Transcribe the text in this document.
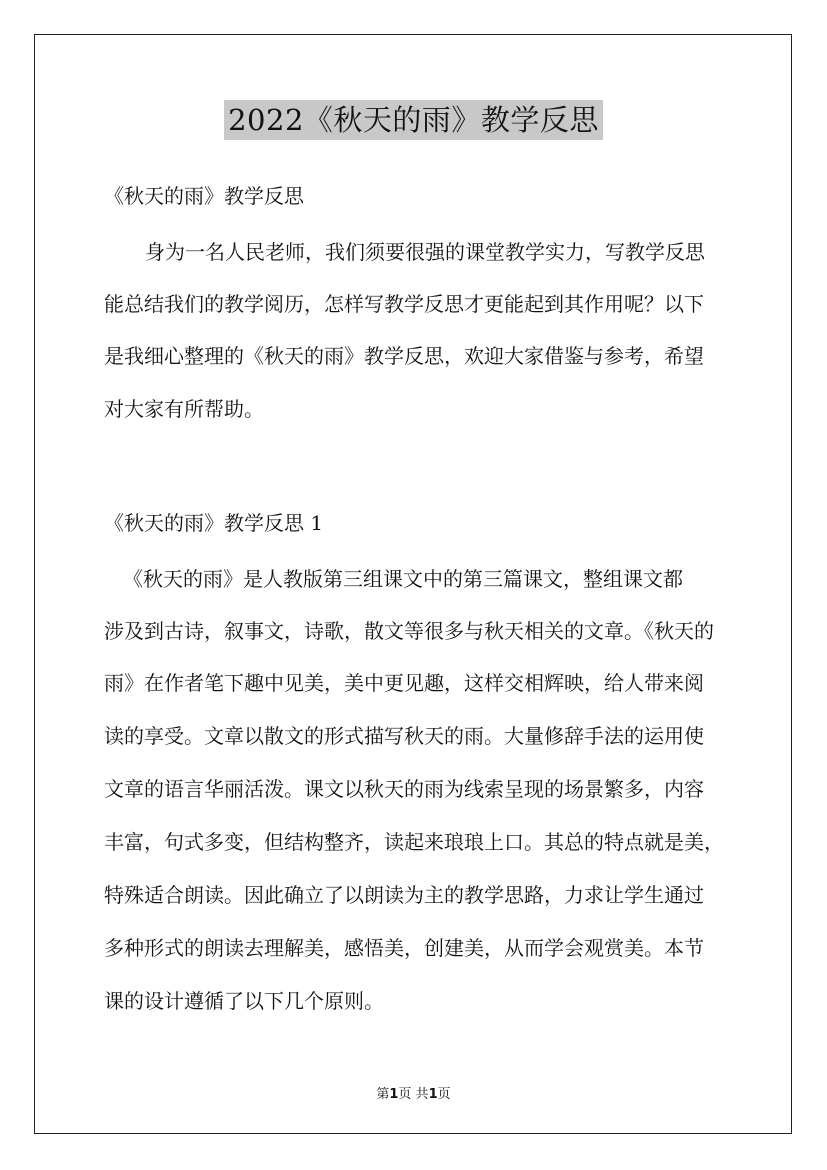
2022《秋天的雨》教学反思
《秋天的雨》教学反思
身为一名人民老师，我们须要很强的课堂教学实力，写教学反思
能总结我们的教学阅历，怎样写教学反思才更能起到其作用呢？以下
是我细心整理的《秋天的雨》教学反思，欢迎大家借鉴与参考，希望
对大家有所帮助。
《秋天的雨》教学反思 1
《秋天的雨》是人教版第三组课文中的第三篇课文，整组课文都
涉及到古诗，叙事文，诗歌，散文等很多与秋天相关的文章。《秋天的
雨》在作者笔下趣中见美，美中更见趣，这样交相辉映，给人带来阅
读的享受。文章以散文的形式描写秋天的雨。大量修辞手法的运用使
文章的语言华丽活泼。课文以秋天的雨为线索呈现的场景繁多，内容
丰富，句式多变，但结构整齐，读起来琅琅上口。其总的特点就是美，
特殊适合朗读。因此确立了以朗读为主的教学思路，力求让学生通过
多种形式的朗读去理解美，感悟美，创建美，从而学会观赏美。本节
课的设计遵循了以下几个原则。
第1页 共1页
